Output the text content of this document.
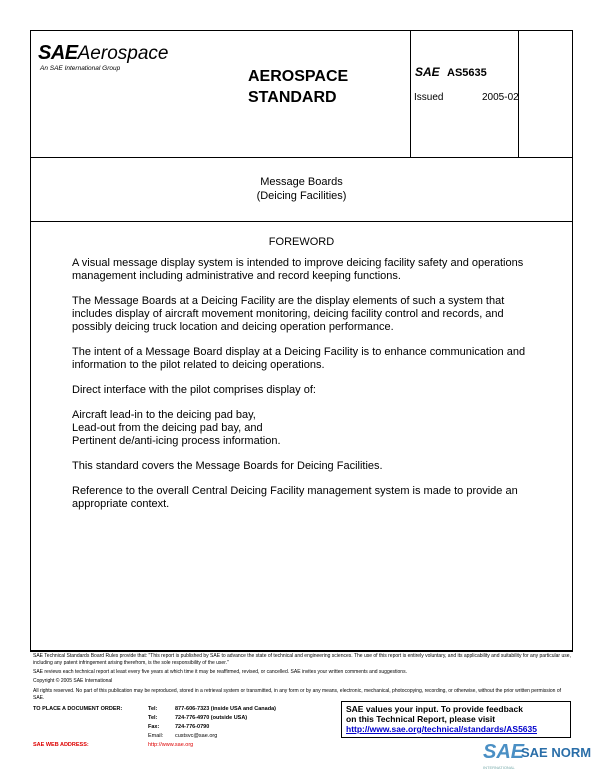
SAEAerospace
An SAE International Group	AEROSPACE
STANDARD
SAE AS5635
Issued	2005-02
Message Boards
(Deicing Facilities)
FOREWORD

A visual message display system is intended to improve deicing facility safety and operations management including administrative and record keeping functions.

The Message Boards at a Deicing Facility are the display elements of such a system that includes display of aircraft movement monitoring, deicing facility control and records, and possibly deicing truck location and deicing operation performance.

The intent of a Message Board display at a Deicing Facility is to enhance communication and information to the pilot related to deicing operations.

Direct interface with the pilot comprises display of:

Aircraft lead-in to the deicing pad bay,

Lead-out from the deicing pad bay, and

Pertinent de/anti-icing process information.

This standard covers the Message Boards for Deicing Facilities.

Reference to the overall Central Deicing Facility management system is made to provide an appropriate context.

SAE Technical Standards Board Rules provide that: "This report is published by SAE to advance the state of technical and engineering sciences. The use of this report is entirely voluntary, and its applicability and suitability for any particular use, including any patent infringement arising therefrom, is the sole responsibility of the user."
SAE reviews each technical report at least every five years at which time it may be reaffirmed, revised, or cancelled. SAE invites your written comments and suggestions.
Copyright © 2005 SAE International
All rights reserved. No part of this publication may be reproduced, stored in a retrieval system or transmitted, in any form or by any means, electronic, mechanical, photocopying, recording, or otherwise, without the prior written permission of SAE.
TO PLACE A DOCUMENT ORDER:	Tel:	877-606-7323 (inside USA and Canada)
Tel:	724-776-4970 (outside USA)
Fax:	724-776-0790
Email: custsvc@sae.org
SAE WEB ADDRESS:	http://www.sae.org
SAE values your input. To provide feedback
on this Technical Report, please visit
http://www.sae.org/technical/standards/AS5635
SAE
SAE NORM
INTERNATIONAL
